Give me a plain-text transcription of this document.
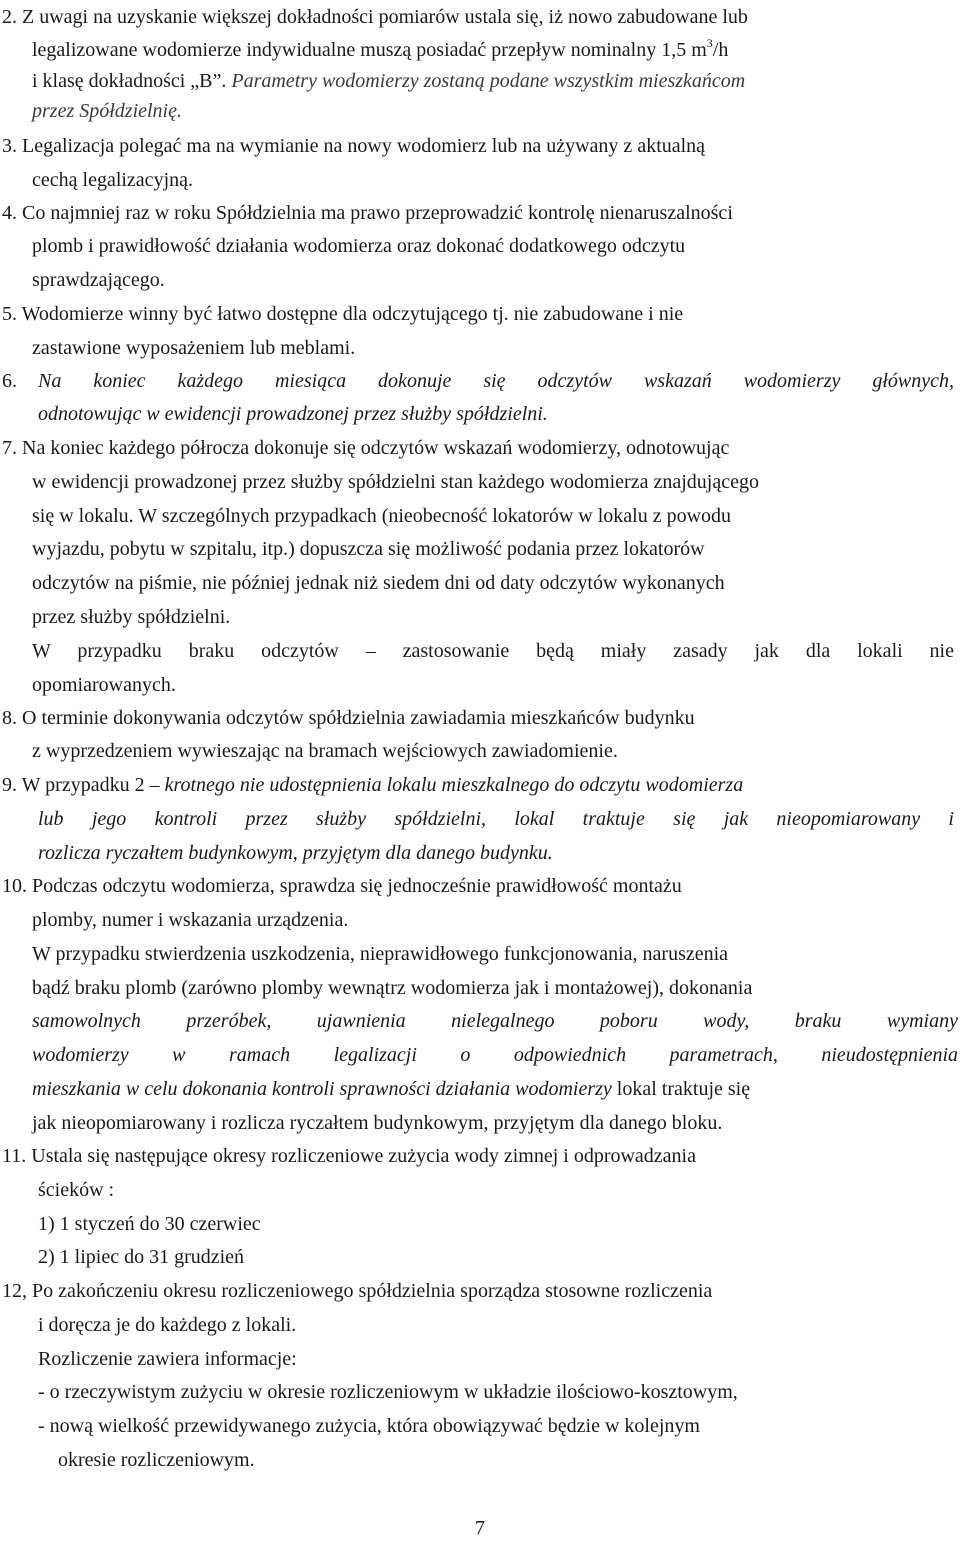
2. Z uwagi na uzyskanie większej dokładności pomiarów ustala się, iż nowo zabudowane lub
legalizowane wodomierze indywidualne muszą posiadać przepływ nominalny 1,5 $m^3/h$
i klasę dokładności „B”. Parametry wodomierzy zostaną podane wszystkim mieszkańcom
przez Spółdzielnię.
3. Legalizacja polegać ma na wymianie na nowy wodomierz lub na używany z aktualną
cechą legalizacyjną.
4. Co najmniej raz w roku Spółdzielnia ma prawo przeprowadzić kontrolę nienaruszalności
plomb i prawidłowość działania wodomierza oraz dokonać dodatkowego odczytu
sprawdzającego.
5. Wodomierze winny być łatwo dostępne dla odczytującego tj. nie zabudowane i nie
zastawione wyposażeniem lub meblami.
6. Na koniec każdego miesiąca dokonuje się odczytów wskazań wodomierzy głównych,
odnotowując w ewidencji prowadzonej przez służby spółdzielni.
7. Na koniec każdego półrocza dokonuje się odczytów wskazań wodomierzy, odnotowując
w ewidencji prowadzonej przez służby spółdzielni stan każdego wodomierza znajdującego
się w lokalu. W szczególnych przypadkach (nieobecność lokatorów w lokalu z powodu
wyjazdu, pobytu w szpitalu, itp.) dopuszcza się możliwość podania przez lokatorów
odczytów na piśmie, nie później jednak niż siedem dni od daty odczytów wykonanych
przez służby spółdzielni.
W przypadku braku odczytów – zastosowanie będą miały zasady jak dla lokali nie
opomiarowanych.
8. O terminie dokonywania odczytów spółdzielnia zawiadamia mieszkańców budynku
z wyprzedzeniem wywieszając na bramach wejściowych zawiadomienie.
9. W przypadku 2 – krotnego nie udostępnienia lokalu mieszkalnego do odczytu wodomierza
lub jego kontroli przez służby spółdzielni, lokal traktuje się jak nieopomiarowany i
rozlicza ryczałtem budynkowym, przyjętym dla danego budynku.
10. Podczas odczytu wodomierza, sprawdza się jednocześnie prawidłowość montażu
plomby, numer i wskazania urządzenia.
W przypadku stwierdzenia uszkodzenia, nieprawidłowego funkcjonowania, naruszenia
bądź braku plomb (zarówno plomby wewnątrz wodomierza jak i montażowej), dokonania
samowolnych przeróbek, ujawnienia nielegalnego poboru wody, braku wymiany
wodomierzy w ramach legalizacji o odpowiednich parametrach, nieudostępnienia
mieszkania w celu dokonania kontroli sprawności działania wodomierzy lokal traktuje się
jak nieopomiarowany i rozlicza ryczałtem budynkowym, przyjętym dla danego bloku.
11. Ustala się następujące okresy rozliczeniowe zużycia wody zimnej i odprowadzania
ścieków :
1) 1 styczeń do 30 czerwiec
2) 1 lipiec do 31 grudzień
12, Po zakończeniu okresu rozliczeniowego spółdzielnia sporządza stosowne rozliczenia
i doręcza je do każdego z lokali.
Rozliczenie zawiera informacje:
- o rzeczywistym zużyciu w okresie rozliczeniowym w układzie ilościowo-kosztowym,
- nową wielkość przewidywanego zużycia, która obowiązywać będzie w kolejnym
okresie rozliczeniowym.
7
